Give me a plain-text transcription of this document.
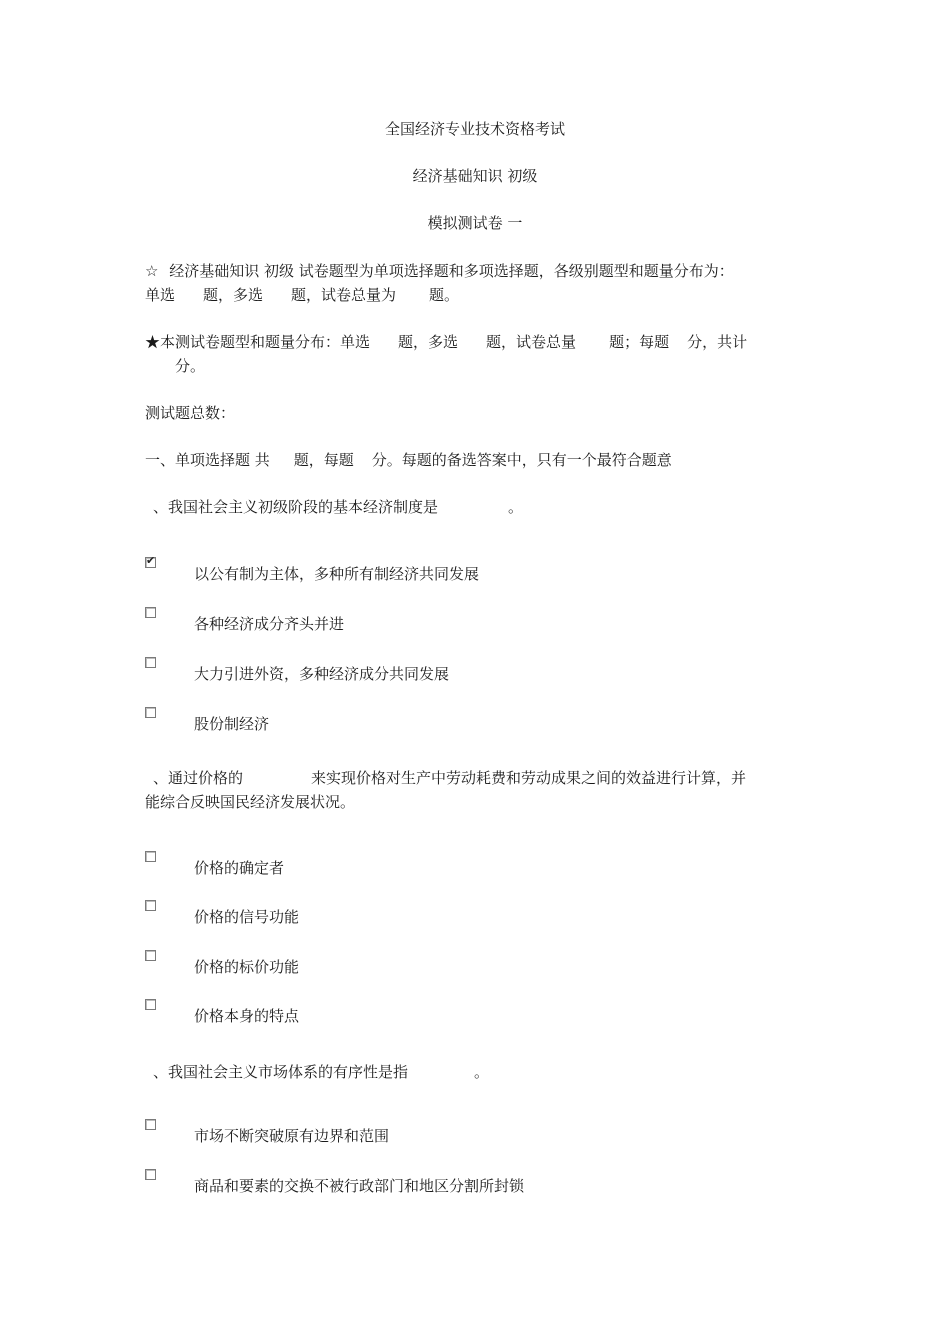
全国经济专业技术资格考试
经济基础知识 初级
模拟测试卷 一
☆ 经济基础知识 初级 试卷题型为单项选择题和多项选择题，各级别题型和题量分布为：
单选 题，多选 题，试卷总量为 题。
★本测试卷题型和题量分布：单选 题，多选 题，试卷总量 题；每题 分，共计
分。
测试题总数：
一、单项选择题 共 题，每题 分。每题的备选答案中，只有一个最符合题意
、我国社会主义初级阶段的基本经济制度是	。
✔
以公有制为主体，多种所有制经济共同发展
各种经济成分齐头并进
大力引进外资，多种经济成分共同发展
股份制经济
、通过价格的	来实现价格对生产中劳动耗费和劳动成果之间的效益进行计算，并
能综合反映国民经济发展状况。
价格的确定者
价格的信号功能
价格的标价功能
价格本身的特点
、我国社会主义市场体系的有序性是指	。
市场不断突破原有边界和范围
商品和要素的交换不被行政部门和地区分割所封锁
